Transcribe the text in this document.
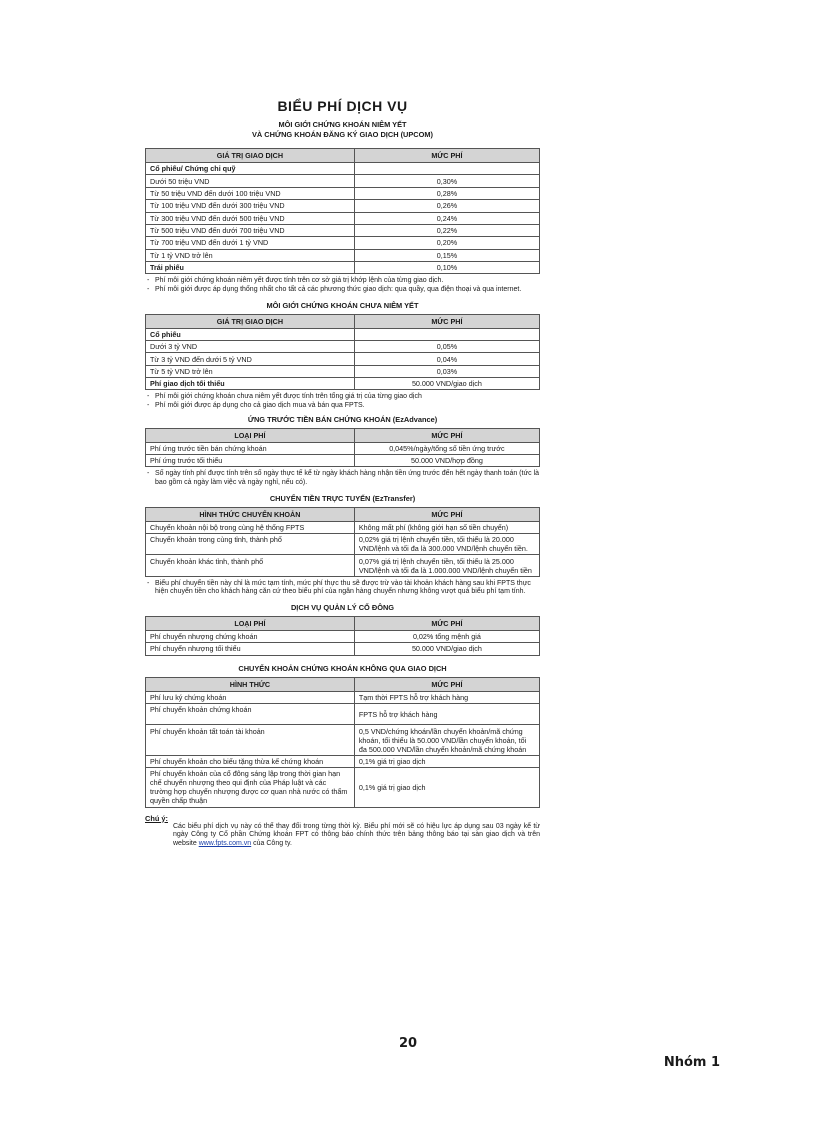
BIỂU PHÍ DỊCH VỤ
MÔI GIỚI CHỨNG KHOÁN NIÊM YẾT
VÀ CHỨNG KHOÁN ĐĂNG KÝ GIAO DỊCH (UPCOM)
GIÁ TRỊ GIAO DỊCH	MỨC PHÍ
Cổ phiếu/ Chứng chỉ quỹ	
Dưới 50 triệu VND	0,30%
Từ 50 triệu VND đến dưới 100 triệu VND	0,28%
Từ 100 triệu VND đến dưới 300 triệu VND	0,26%
Từ 300 triệu VND đến dưới 500 triệu VND	0,24%
Từ 500 triệu VND đến dưới 700 triệu VND	0,22%
Từ 700 triệu VND đến dưới 1 tỷ VND	0,20%
Từ 1 tỷ VND trở lên	0,15%
Trái phiếu	0,10%
- Phí môi giới chứng khoán niêm yết được tính trên cơ sở giá trị khớp lệnh của từng giao dịch.
- Phí môi giới được áp dụng thống nhất cho tất cả các phương thức giao dịch: qua quầy, qua điện thoại và qua internet.
MÔI GIỚI CHỨNG KHOÁN CHƯA NIÊM YẾT
GIÁ TRỊ GIAO DỊCH	MỨC PHÍ
Cổ phiếu	
Dưới 3 tỷ VND	0,05%
Từ 3 tỷ VND đến dưới 5 tỷ VND	0,04%
Từ 5 tỷ VND trở lên	0,03%
Phí giao dịch tối thiểu	50.000 VND/giao dịch
- Phí môi giới chứng khoán chưa niêm yết được tính trên tổng giá trị của từng giao dịch
- Phí môi giới được áp dụng cho cả giao dịch mua và bán qua FPTS.
ỨNG TRƯỚC TIỀN BÁN CHỨNG KHOÁN (EzAdvance)
LOẠI PHÍ	MỨC PHÍ
Phí ứng trước tiền bán chứng khoán	0,045%/ngày/tổng số tiền ứng trước
Phí ứng trước tối thiểu	50.000 VND/hợp đồng
- Số ngày tính phí được tính trên số ngày thực tế kể từ ngày khách hàng nhận tiền ứng trước đến hết ngày thanh toán (tức là bao gồm cả ngày làm việc và ngày nghỉ, nếu có).
CHUYỂN TIỀN TRỰC TUYẾN (EzTransfer)
HÌNH THỨC CHUYỂN KHOẢN	MỨC PHÍ
Chuyển khoản nội bộ trong cùng hệ thống FPTS	Không mất phí (không giới hạn số tiền chuyển)
Chuyển khoản trong cùng tỉnh, thành phố	0,02% giá trị lệnh chuyển tiền, tối thiểu là 20.000 VND/lệnh và tối đa là 300.000 VND/lệnh chuyển tiền.
Chuyển khoản khác tỉnh, thành phố	0,07% giá trị lệnh chuyển tiền, tối thiểu là 25.000 VND/lệnh và tối đa là 1.000.000 VND/lệnh chuyển tiền
- Biểu phí chuyển tiền này chỉ là mức tạm tính, mức phí thực thu sẽ được trừ vào tài khoản khách hàng sau khi FPTS thực hiện chuyển tiền cho khách hàng căn cứ theo biểu phí của ngân hàng chuyển nhưng không vượt quá biểu phí tạm tính.
DỊCH VỤ QUẢN LÝ CỔ ĐÔNG
LOẠI PHÍ	MỨC PHÍ
Phí chuyển nhượng chứng khoán	0,02% tổng mệnh giá
Phí chuyển nhượng tối thiểu	50.000 VND/giao dịch
CHUYỂN KHOẢN CHỨNG KHOÁN KHÔNG QUA GIAO DỊCH
HÌNH THỨC	MỨC PHÍ
Phí lưu ký chứng khoán	Tạm thời FPTS hỗ trợ khách hàng
Phí chuyển khoản chứng khoán	FPTS hỗ trợ khách hàng
Phí chuyển khoản tất toán tài khoản	0,5 VND/chứng khoán/lần chuyển khoản/mã chứng khoán, tối thiểu là 50.000 VND/lần chuyển khoản, tối đa 500.000 VND/lần chuyển khoản/mã chứng khoán
Phí chuyển khoản cho biếu tặng thừa kế chứng khoán	0,1% giá trị giao dịch
Phí chuyển khoản của cổ đông sáng lập trong thời gian hạn chế chuyển nhượng theo qui định của Pháp luật và các trường hợp chuyển nhượng được cơ quan nhà nước có thẩm quyền chấp thuận	0,1% giá trị giao dịch
Chú ý:
Các biểu phí dịch vụ này có thể thay đổi trong từng thời kỳ. Biểu phí mới sẽ có hiệu lực áp dụng sau 03 ngày kể từ ngày Công ty Cổ phần Chứng khoán FPT có thông báo chính thức trên bảng thông báo tại sàn giao dịch và trên website www.fpts.com.vn của Công ty.
20
Nhóm 1
